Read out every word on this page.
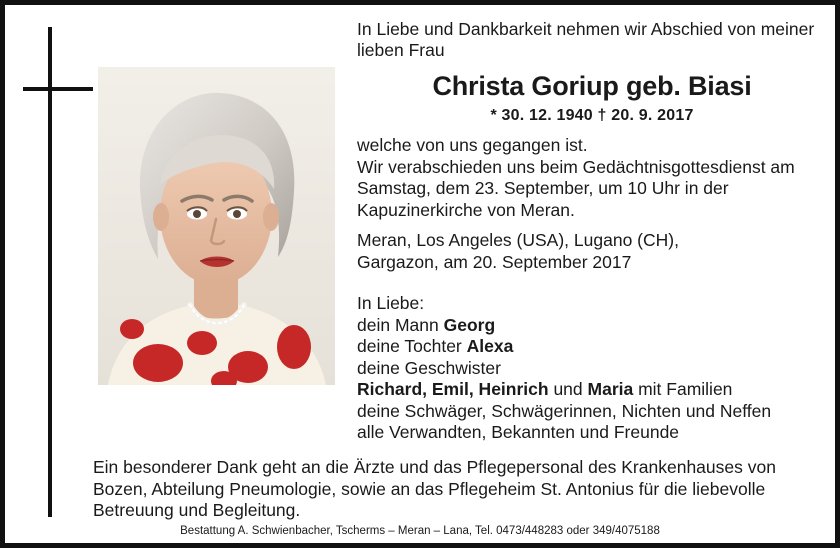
In Liebe und Dankbarkeit nehmen wir Abschied von meiner lieben Frau

Christa Goriup geb. Biasi
* 30. 12. 1940 † 20. 9. 2017

welche von uns gegangen ist.

Wir verabschieden uns beim Gedächtnisgottesdienst am Samstag, dem 23. September, um 10 Uhr in der Kapuzinerkirche von Meran.

Meran, Los Angeles (USA), Lugano (CH),

Gargazon, am 20. September 2017

In Liebe:

dein Mann Georg

deine Tochter Alexa

deine Geschwister

Richard, Emil, Heinrich und Maria mit Familien

deine Schwäger, Schwägerinnen, Nichten und Neffen

alle Verwandten, Bekannten und Freunde

Ein besonderer Dank geht an die Ärzte und das Pflegepersonal des Krankenhauses von Bozen, Abteilung Pneumologie, sowie an das Pflegeheim St. Antonius für die liebevolle Betreuung und Begleitung.
Bestattung A. Schwienbacher, Tscherms – Meran – Lana, Tel. 0473/448283 oder 349/4075188
